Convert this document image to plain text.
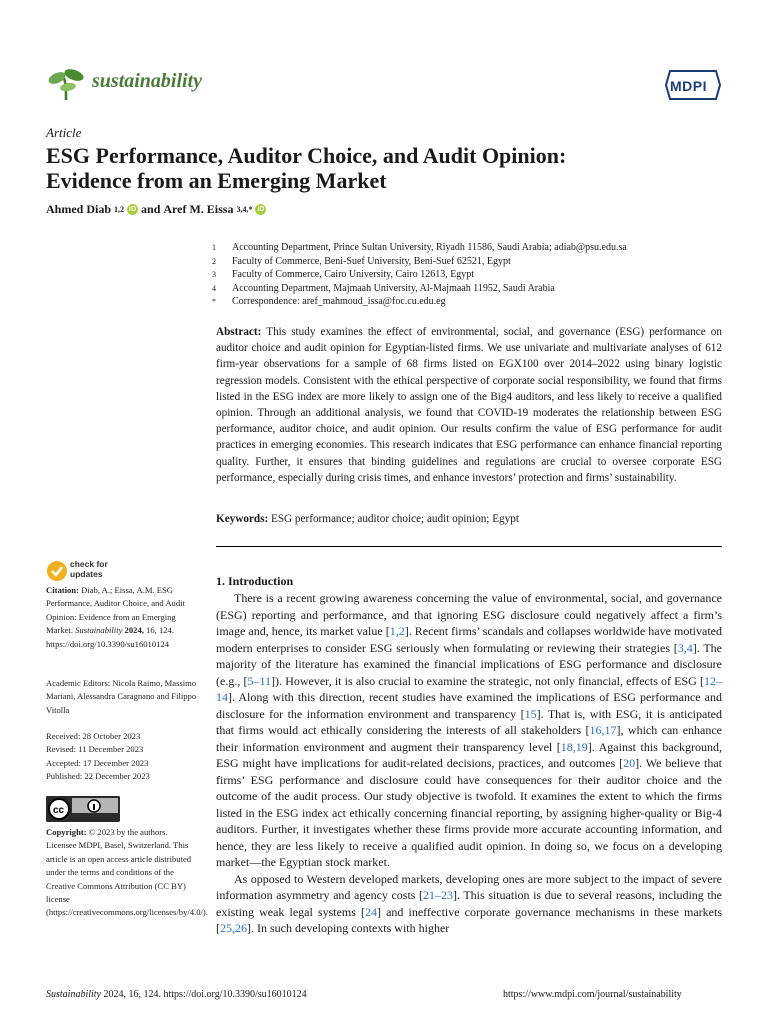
sustainability	MDPI
Article
ESG Performance, Auditor Choice, and Audit Opinion:
Evidence from an Emerging Market
Ahmed Diab 1,2 iD and Aref M. Eissa 3,4,* iD
1	Accounting Department, Prince Sultan University, Riyadh 11586, Saudi Arabia; adiab@psu.edu.sa
2	Faculty of Commerce, Beni-Suef University, Beni-Suef 62521, Egypt
3	Faculty of Commerce, Cairo University, Cairo 12613, Egypt
4	Accounting Department, Majmaah University, Al-Majmaah 11952, Saudi Arabia
*	Correspondence: aref_mahmoud_issa@foc.cu.edu.eg
Abstract: This study examines the effect of environmental, social, and governance (ESG) performance on auditor choice and audit opinion for Egyptian-listed firms. We use univariate and multivariate analyses of 612 firm-year observations for a sample of 68 firms listed on EGX100 over 2014–2022 using binary logistic regression models. Consistent with the ethical perspective of corporate social responsibility, we found that firms listed in the ESG index are more likely to assign one of the Big4 auditors, and less likely to receive a qualified opinion. Through an additional analysis, we found that COVID-19 moderates the relationship between ESG performance, auditor choice, and audit opinion. Our results confirm the value of ESG performance for audit practices in emerging economies. This research indicates that ESG performance can enhance financial reporting quality. Further, it ensures that binding guidelines and regulations are crucial to oversee corporate ESG performance, especially during crisis times, and enhance investors’ protection and firms’ sustainability.
Keywords: ESG performance; auditor choice; audit opinion; Egypt
check for
updates
Citation: Diab, A.; Eissa, A.M. ESG Performance, Auditor Choice, and Audit Opinion: Evidence from an Emerging Market. Sustainability 2024, 16, 124. https://doi.org/10.3390/su16010124
Academic Editors: Nicola Raimo, Massimo Mariani, Alessandra Caragnano and Filippo Vitolla
Received: 28 October 2023
Revised: 11 December 2023
Accepted: 17 December 2023
Published: 22 December 2023
cc
Copyright: © 2023 by the authors. Licensee MDPI, Basel, Switzerland. This article is an open access article distributed under the terms and conditions of the Creative Commons Attribution (CC BY) license (https://creativecommons.org/licenses/by/4.0/).
1. Introduction

There is a recent growing awareness concerning the value of environmental, social, and governance (ESG) reporting and performance, and that ignoring ESG disclosure could negatively affect a firm’s image and, hence, its market value [1,2]. Recent firms’ scandals and collapses worldwide have motivated modern enterprises to consider ESG seriously when formulating or reviewing their strategies [3,4]. The majority of the literature has examined the financial implications of ESG performance and disclosure (e.g., [5–11]). However, it is also crucial to examine the strategic, not only financial, effects of ESG [12–14]. Along with this direction, recent studies have examined the implications of ESG performance and disclosure for the information environment and transparency [15]. That is, with ESG, it is anticipated that firms would act ethically considering the interests of all stakeholders [16,17], which can enhance their information environment and augment their transparency level [18,19]. Against this background, ESG might have implications for audit-related decisions, practices, and outcomes [20]. We believe that firms’ ESG performance and disclosure could have consequences for their auditor choice and the outcome of the audit process. Our study objective is twofold. It examines the extent to which the firms listed in the ESG index act ethically concerning financial reporting, by assigning higher-quality or Big-4 auditors. Further, it investigates whether these firms provide more accurate accounting information, and hence, they are less likely to receive a qualified audit opinion. In doing so, we focus on a developing market—the Egyptian stock market.

As opposed to Western developed markets, developing ones are more subject to the impact of severe information asymmetry and agency costs [21–23]. This situation is due to several reasons, including the existing weak legal systems [24] and ineffective corporate governance mechanisms in these markets [25,26]. In such developing contexts with higher

Sustainability 2024, 16, 124. https://doi.org/10.3390/su16010124	https://www.mdpi.com/journal/sustainability
